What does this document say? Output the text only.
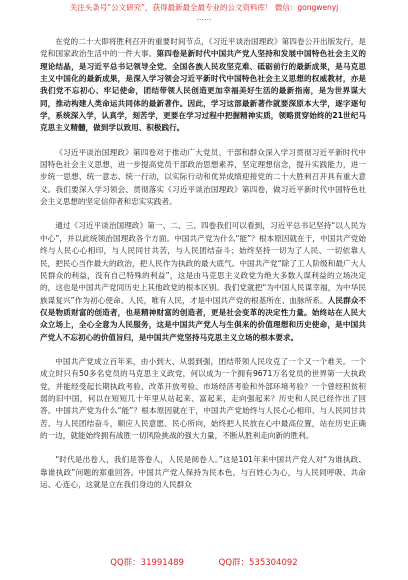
关注头条号“公文研究”，获得最新最全最专业的公文资料库！ 微信：gongwenyj

……

在党的二十大即将胜利召开的重要时间节点，《习近平谈治国理政》第四卷公开出版发行，是党和国家政治生活中的一件大事。第四卷是新时代中国共产党人坚持和发展中国特色社会主义的理论结晶，是习近平总书记领导全党、全国各族人民攻坚克难、砥砺前行的最新成果，是马克思主义中国化的最新成果，是深入学习领会习近平新时代中国特色社会主义思想的权威教材，亦是我们党不忘初心、牢记使命，团结带领人民创造更加幸福美好生活的最新指南，是为世界谋大同，推动构建人类命运共同体的最新著作。因此，学习这部最新著作就要深原本大学，逐字逐句学，系统深入学，认真学，刻苦学，更要在学习过程中把握精神实质，领略贯穿始终的21世纪马克思主义精髓，做到学以致用、积极践行。

《习近平谈治国理政》第四卷对于推动广大党员、干部和群众深入学习贯彻习近平新时代中国特色社会主义思想，进一步提高党员干部政治思想素养，坚定理想信念，提升实践能力，进一步统一思想、统一意志、统一行动，以实际行动和优异成绩迎接党的二十大胜利召开具有重大意义。我们要深入学习领会、贯彻落实《习近平谈治国理政》第四卷，做习近平新时代中国特色社会主义思想的坚定信仰者和忠实实践者。

通过《习近平谈治国理政》第一、二、三、四卷我们可以看到，习近平总书记坚持“以人民为中心”，并以此统领治国理政各个方面。中国共产党为什么“能”？根本原因就在于，中国共产党始终与人民心心相印，与人民同甘共苦，与人民团结奋斗；始终坚持一切为了人民、一切依靠人民，把民心当作最大的政治，把人民作为执政的最大底气。中国共产党“除了工人阶级和最广大人民群众的利益，没有自己特殊的利益”，这是由马克思主义政党为绝大多数人谋利益的立场决定的，这也是中国共产党同历史上其他政党的根本区别。我们党就把“为中国人民谋幸福，为中华民族谋复兴”作为初心使命。人民，唯有人民，才是中国共产党的根基所在、血脉所系。人民群众不仅是物质财富的创造者，也是精神财富的创造者，更是社会变革的决定性力量。始终站在人民大众立场上，全心全意为人民服务，这是中国共产党人与生俱来的价值理想和历史使命，是中国共产党人不忘初心的价值旨归，是中国共产党坚持马克思主义立场的根本要求。

中国共产党成立百年来，由小到大、从弱到强，团结带领人民攻克了一个又一个难关。一个成立时只有50多名党员的马克思主义政党，何以成为一个拥有9671万名党员的世界第一大执政党，并能经受起长期执政考验、改革开放考验、市场经济考验和外部环境考验？一个曾经积贫积弱的旧中国，何以在短短几十年里从站起来、富起来，走向强起来？历史和人民已经作出了回答。中国共产党为什么“能”？根本原因就在于，中国共产党始终与人民心心相印、与人民同甘共苦、与人民团结奋斗，顺应人民意愿、民心所向，始终把人民放在心中最高位置，站在历史正确的一边，就能始终拥有战胜一切风险挑战的强大力量，不断从胜利走向新的胜利。

“时代是出卷人，我们是答卷人，人民是阅卷人。”这是101年来中国共产党人对“为谁执政、靠谁执政”问题的郑重回答。中国共产党人保持为民本色，与百姓心为心，与人民同呼吸、共命运、心连心，这就是立在我们身边的人民群众

QQ群：31991489	QQ群：535304092
